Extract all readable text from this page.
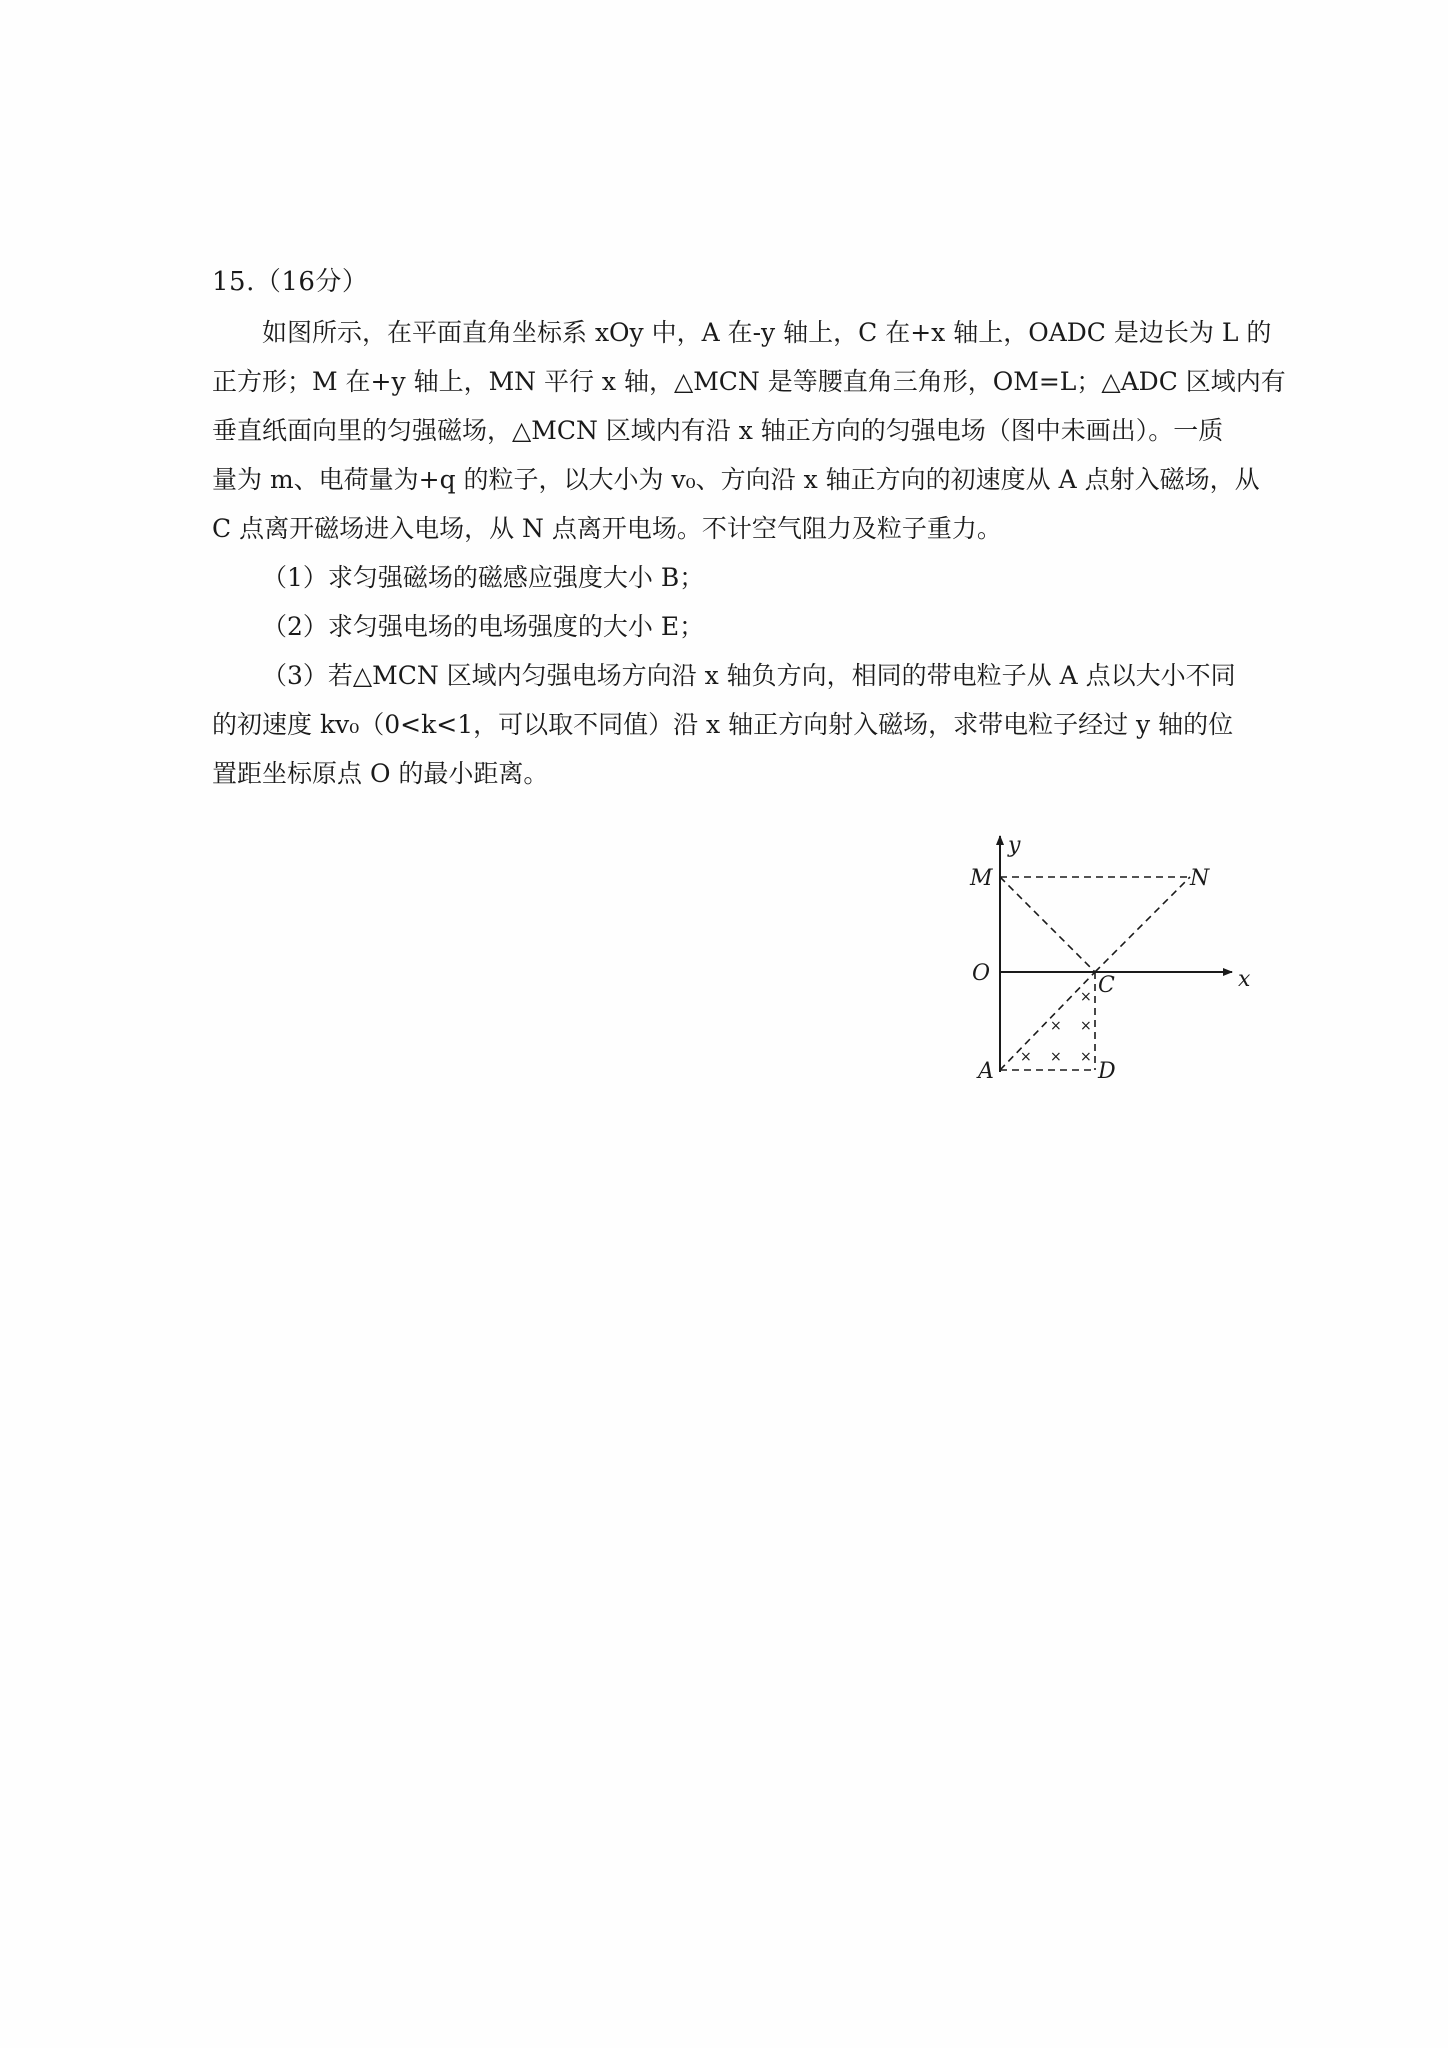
15.（16分）

如图所示，在平面直角坐标系 xOy 中，A 在-y 轴上，C 在+x 轴上，OADC 是边长为 L 的

正方形；M 在+y 轴上，MN 平行 x 轴，△MCN 是等腰直角三角形，OM=L；△ADC 区域内有

垂直纸面向里的匀强磁场，△MCN 区域内有沿 x 轴正方向的匀强电场（图中未画出）。一质

量为 m、电荷量为+q 的粒子，以大小为 v₀、方向沿 x 轴正方向的初速度从 A 点射入磁场，从

C 点离开磁场进入电场，从 N 点离开电场。不计空气阻力及粒子重力。

（1）求匀强磁场的磁感应强度大小 B；

（2）求匀强电场的电场强度的大小 E；

（3）若△MCN 区域内匀强电场方向沿 x 轴负方向，相同的带电粒子从 A 点以大小不同

的初速度 kv₀（0<k<1，可以取不同值）沿 x 轴正方向射入磁场，求带电粒子经过 y 轴的位

置距坐标原点 O 的最小距离。

×
× ×
× × ×
y
x
M	N
O	C
A	D
